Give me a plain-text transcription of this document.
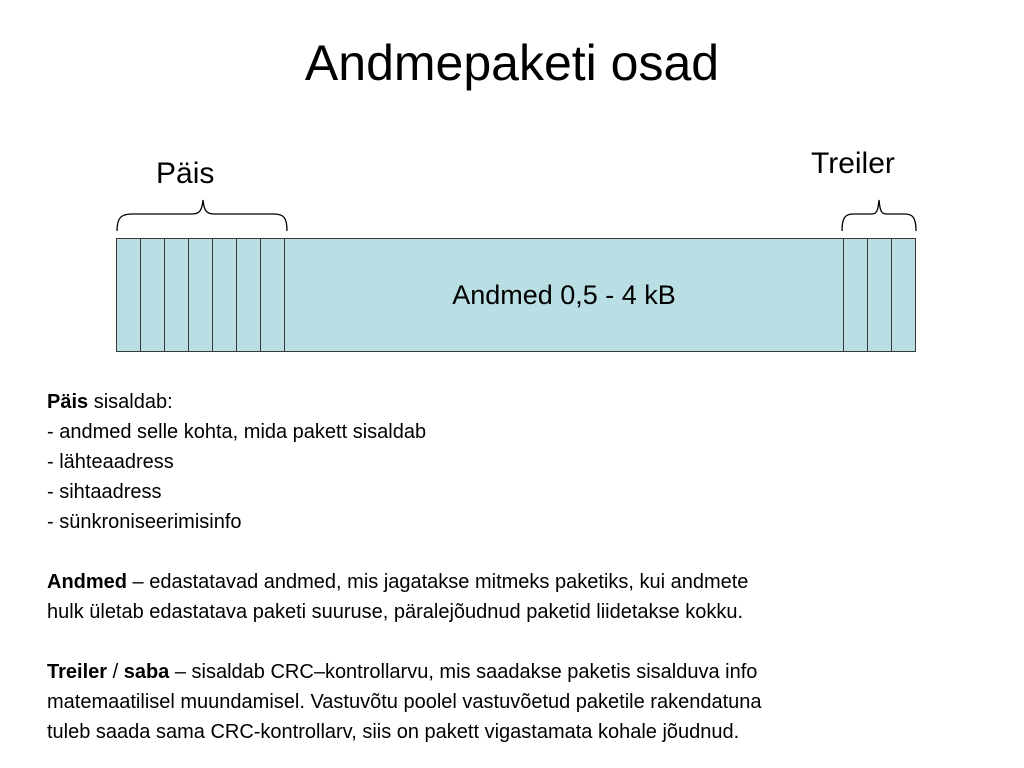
Andmepaketi osad
Päis	Treiler
Andmed 0,5 - 4 kB

Päis sisaldab:

- andmed selle kohta, mida pakett sisaldab

- lähteaadress

- sihtaadress

- sünkroniseerimisinfo

Andmed – edastatavad andmed, mis jagatakse mitmeks paketiks, kui andmete

hulk ületab edastatava paketi suuruse, päralejõudnud paketid liidetakse kokku.

Treiler / saba – sisaldab CRC–kontrollarvu, mis saadakse paketis sisalduva info

matemaatilisel muundamisel. Vastuvõtu poolel vastuvõetud paketile rakendatuna

tuleb saada sama CRC-kontrollarv, siis on pakett vigastamata kohale jõudnud.
